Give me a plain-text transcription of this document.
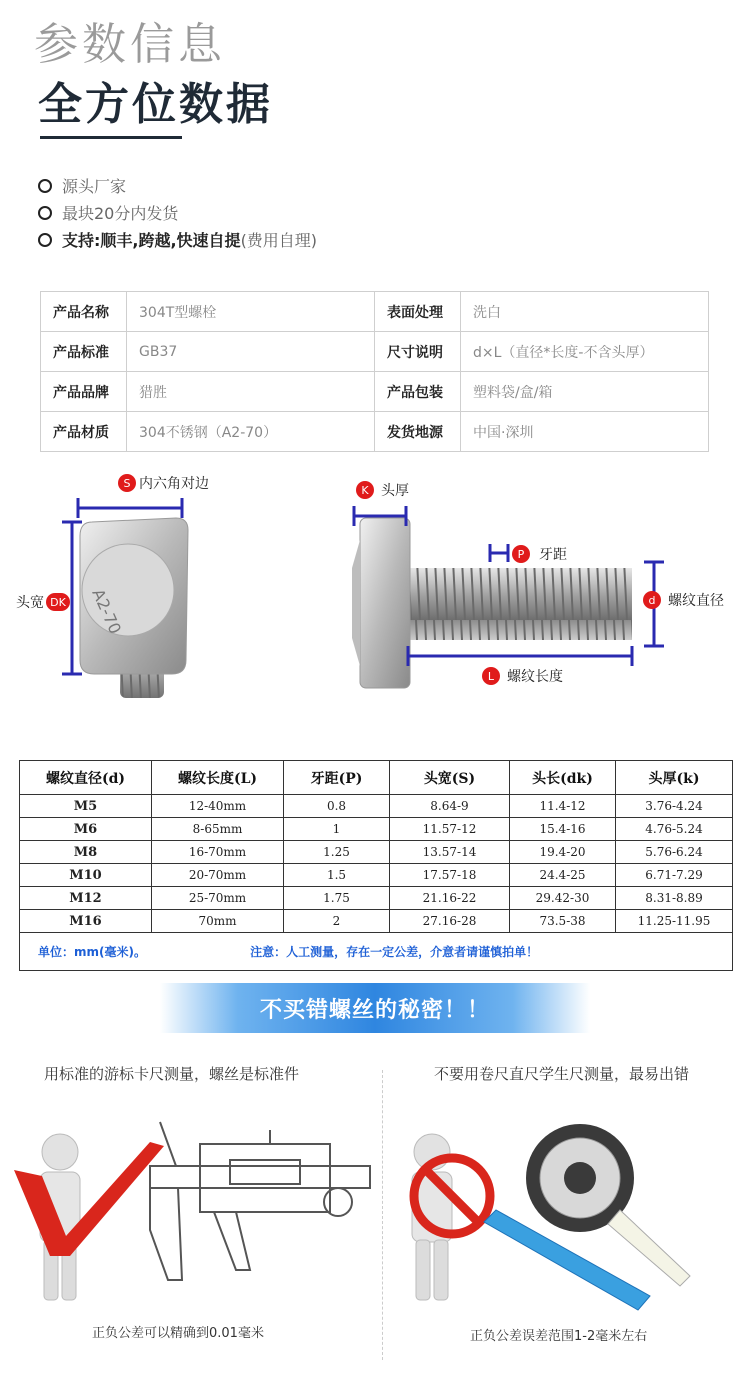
参数信息
全方位数据
源头厂家
最块20分内发货
支持:顺丰,跨越,快速自提 (费用自理)
产品名称	304T型螺栓	表面处理	洗白
产品标准	GB37	尺寸说明	d×L（直径*长度-不含头厚）
产品品牌	猎胜	产品包装	塑料袋/盒/箱
产品材质	304不锈钢（A2-70）	发货地源	中国·深圳
A2-70
S 内六角对边
头宽 DK
K 头厚
P	牙距
d 螺纹直径
L 螺纹长度
螺纹直径(d)	螺纹长度(L)	牙距(P)	头宽(S)	头长(dk)	头厚(k)
M5	12-40mm	0.8	8.64-9	11.4-12	3.76-4.24
M6	8-65mm	1	11.57-12	15.4-16	4.76-5.24
M8	16-70mm	1.25	13.57-14	19.4-20	5.76-6.24
M10	20-70mm	1.5	17.57-18	24.4-25	6.71-7.29
M12	25-70mm	1.75	21.16-22	29.42-30	8.31-8.89
M16	70mm	2	27.16-28	73.5-38	11.25-11.95
单位：mm(毫米)。 注意：人工测量，存在一定公差，介意者请谨慎拍单！					
不买错螺丝的秘密！！
用标准的游标卡尺测量，螺丝是标准件	不要用卷尺直尺学生尺测量，最易出错
正负公差可以精确到0.01毫米	正负公差误差范围1-2毫米左右
